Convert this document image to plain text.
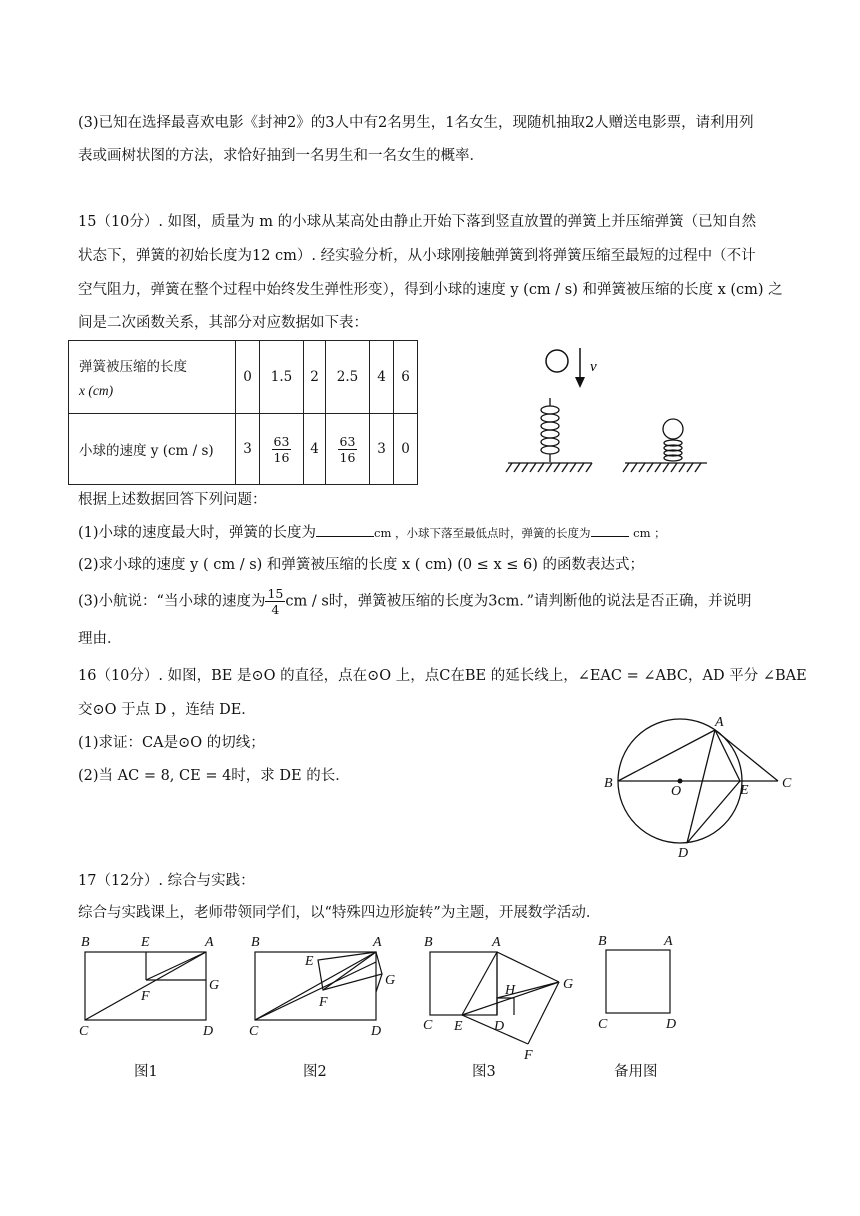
(3)已知在选择最喜欢电影《封神2》的3人中有2名男生，1名女生，现随机抽取2人赠送电影票，请利用列
表或画树状图的方法，求恰好抽到一名男生和一名女生的概率．
15（10分）. 如图，质量为 m 的小球从某高处由静止开始下落到竖直放置的弹簧上并压缩弹簧（已知自然
状态下，弹簧的初始长度为12 cm）. 经实验分析，从小球刚接触弹簧到将弹簧压缩至最短的过程中（不计
空气阻力，弹簧在整个过程中始终发生弹性形变），得到小球的速度 y (cm / s) 和弹簧被压缩的长度 x (cm) 之
间是二次函数关系，其部分对应数据如下表：
弹簧被压缩的长度
x (cm)	0	1.5	2	2.5	4	6
小球的速度 y (cm / s)	3	$\frac{63}{16}$	4	$\frac{63}{16}$	3	0
v
根据上述数据回答下列问题：
(1)小球的速度最大时，弹簧的长度为	cm ，小球下落至最低点时，弹簧的长度为	cm ；
(2)求小球的速度 y ( cm / s) 和弹簧被压缩的长度 x ( cm) (0 ≤ x ≤ 6) 的函数表达式；
(3)小航说：“当小球的速度为 $\frac{15}{4}$ cm / s时，弹簧被压缩的长度为3cm．”请判断他的说法是否正确，并说明
理由．
16（10分）. 如图，BE 是⊙O 的直径，点在⊙O 上，点C在BE 的延长线上，∠EAC = ∠ABC，AD 平分 ∠BAE
交⊙O 于点 D ，连结 DE．
(1)求证：CA是⊙O 的切线；
(2)当 AC = 8, CE = 4时，求 DE 的长．
A
B	C
D
E
O
17（12分）. 综合与实践：
综合与实践课上，老师带领同学们，以“特殊四边形旋转”为主题，开展数学活动．
B	E	A
G
F
C	D
图1
B	A
E
G
F
C	D
图2
B	A
G
H
C E D
F
图3
B	A
C	D
备用图
